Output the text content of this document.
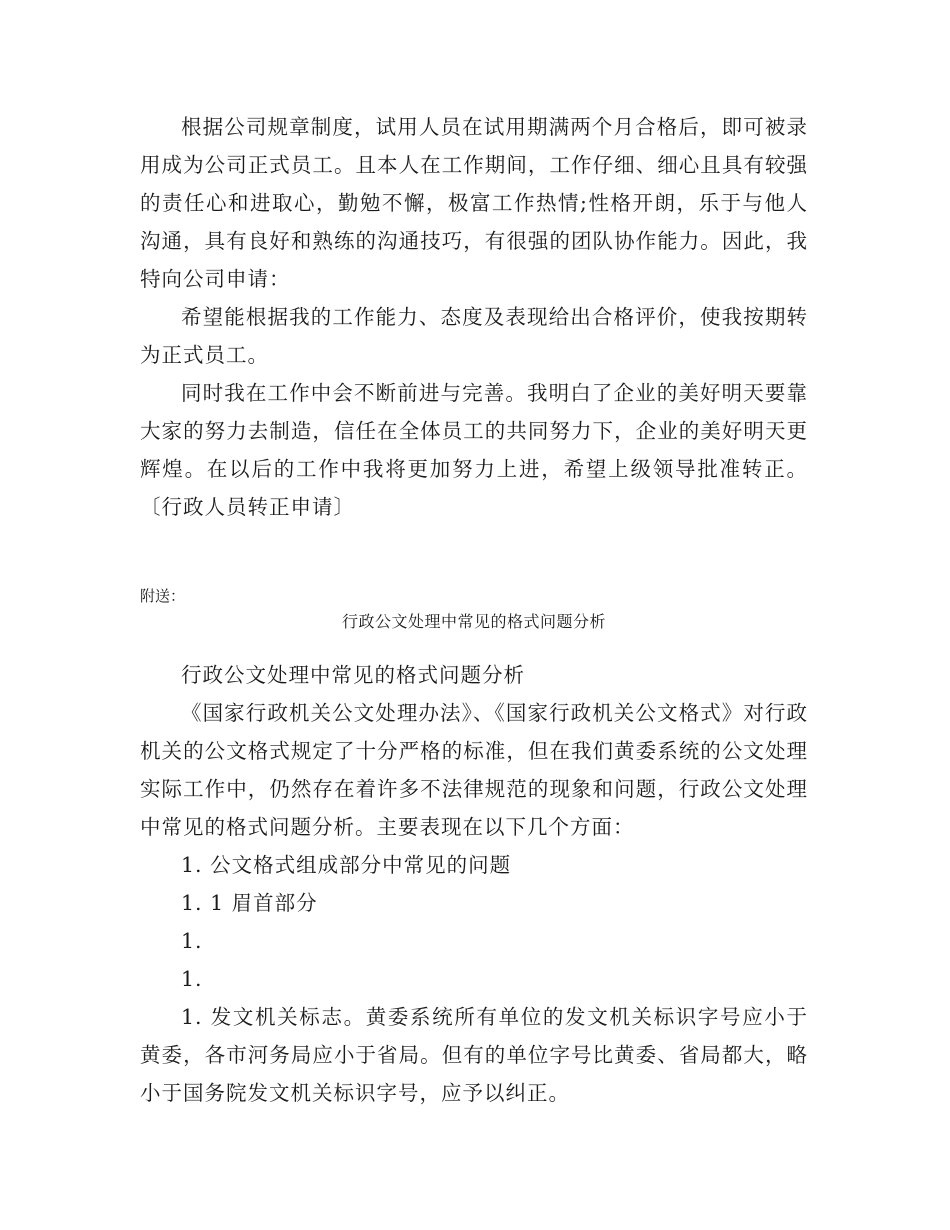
根据公司规章制度，试用人员在试用期满两个月合格后，即可被录用成为公司正式员工。且本人在工作期间，工作仔细、细心且具有较强的责任心和进取心，勤勉不懈，极富工作热情;性格开朗，乐于与他人沟通，具有良好和熟练的沟通技巧，有很强的团队协作能力。因此，我特向公司申请：

希望能根据我的工作能力、态度及表现给出合格评价，使我按期转为正式员工。

同时我在工作中会不断前进与完善。我明白了企业的美好明天要靠大家的努力去制造，信任在全体员工的共同努力下，企业的美好明天更辉煌。在以后的工作中我将更加努力上进，希望上级领导批准转正。 〔行政人员转正申请〕

附送：

行政公文处理中常见的格式问题分析

行政公文处理中常见的格式问题分析

《国家行政机关公文处理办法》、《国家行政机关公文格式》对行政机关的公文格式规定了十分严格的标准，但在我们黄委系统的公文处理实际工作中，仍然存在着许多不法律规范的现象和问题，行政公文处理中常见的格式问题分析。主要表现在以下几个方面：

1. 公文格式组成部分中常见的问题

1. 1 眉首部分

1.

1.

1. 发文机关标志。黄委系统所有单位的发文机关标识字号应小于黄委，各市河务局应小于省局。但有的单位字号比黄委、省局都大，略小于国务院发文机关标识字号，应予以纠正。
